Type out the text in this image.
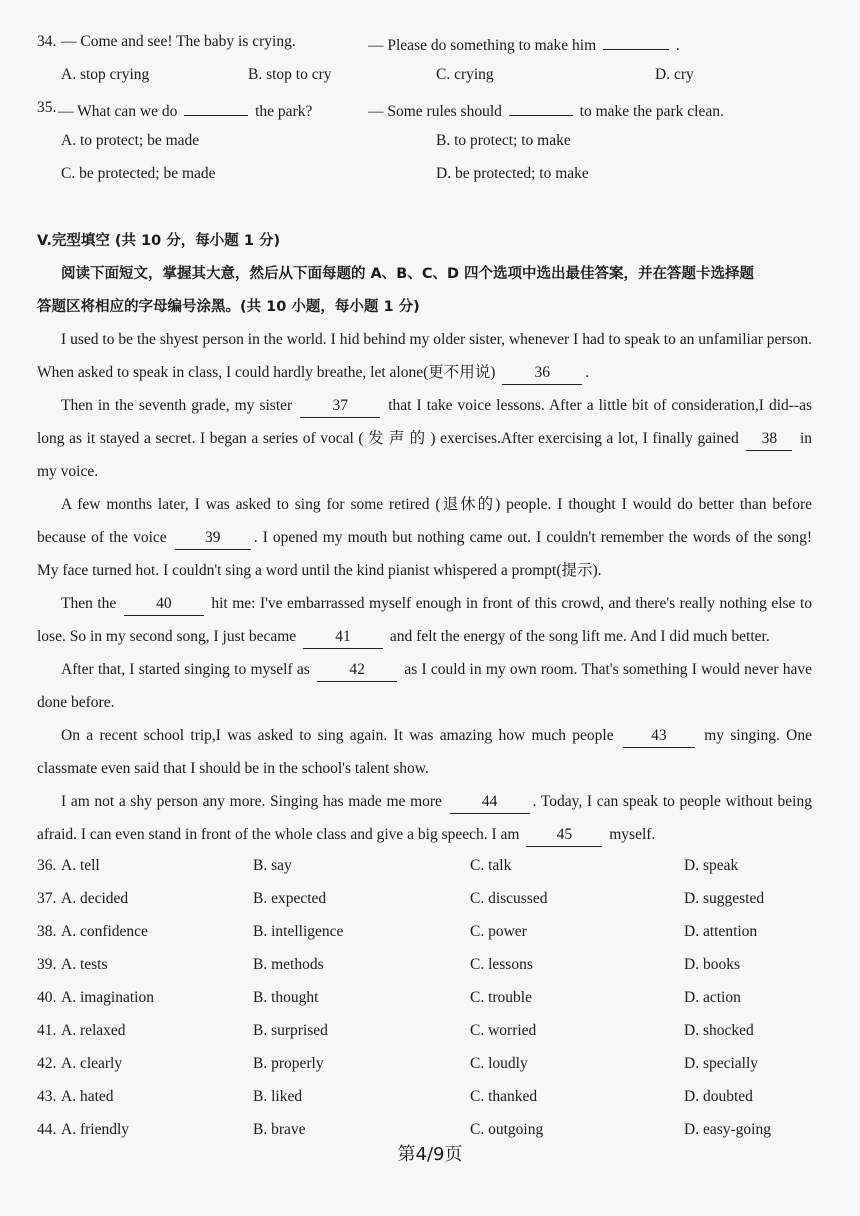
34. — Come and see! The baby is crying.	— Please do something to make him	.
A. stop crying	B. stop to cry	C. crying	D. cry
35. — What can we do	the park?	— Some rules should	to make the park clean.
A. to protect; be made	B. to protect; to make
C. be protected; be made	D. be protected; to make
V.完型填空 (共 10 分，每小题 1 分)
阅读下面短文，掌握其大意，然后从下面每题的 A、B、C、D 四个选项中选出最佳答案，并在答题卡选择题
答题区将相应的字母编号涂黑。(共 10 小题，每小题 1 分)
I used to be the shyest person in the world. I hid behind my older sister, whenever I had to speak to an unfamiliar person. When asked to speak in class, I could hardly breathe, let alone(更不用说)	36 .
Then in the seventh grade, my sister	37	that I take voice lessons. After a little bit of consideration,I did--as long as it stayed a secret. I began a series of vocal ( 发 声 的 ) exercises.After exercising a lot, I finally gained 38 in my voice.
A few months later, I was asked to sing for some retired (退休的) people. I thought I would do better than before because of the voice 39 . I opened my mouth but nothing came out. I couldn't remember the words of the song! My face turned hot. I couldn't sing a word until the kind pianist whispered a prompt(提示).
Then the	40	hit me: I've embarrassed myself enough in front of this crowd, and there's really nothing else to lose. So in my second song, I just became	41	and felt the energy of the song lift me. And I did much better.
After that, I started singing to myself as	42	as I could in my own room. That's something I would never have done before.
On a recent school trip,I was asked to sing again. It was amazing how much people 43 my singing. One classmate even said that I should be in the school's talent show.
I am not a shy person any more. Singing has made me more	44 . Today, I can speak to people without being afraid. I can even stand in front of the whole class and give a big speech. I am 45 myself.
36. A. tell	B. say	C. talk	D. speak
37. A. decided	B. expected	C. discussed	D. suggested
38. A. confidence	B. intelligence	C. power	D. attention
39. A. tests	B. methods	C. lessons	D. books
40. A. imagination	B. thought	C. trouble	D. action
41. A. relaxed	B. surprised	C. worried	D. shocked
42. A. clearly	B. properly	C. loudly	D. specially
43. A. hated	B. liked	C. thanked	D. doubted
44. A. friendly	B. brave	C. outgoing	D. easy-going
第4/9页
